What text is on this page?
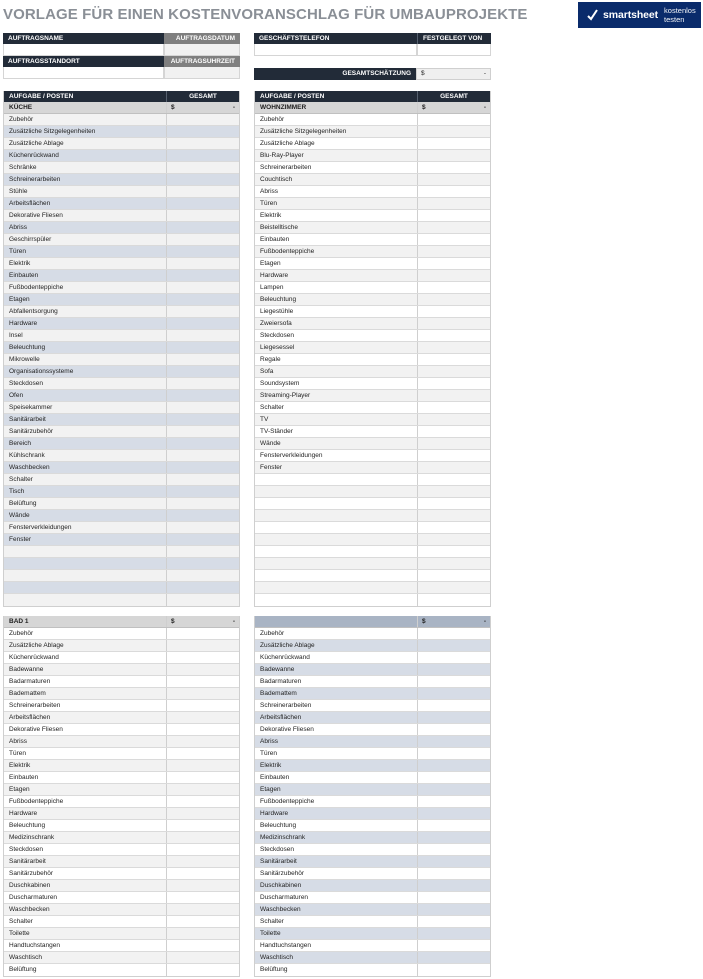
VORLAGE FÜR EINEN KOSTENVORANSCHLAG FÜR UMBAUPROJEKTE	smartsheet kostenlos testen
AUFTRAGSNAME	AUFTRAGSDATUM
AUFTRAGSSTANDORT	AUFTRAGSUHRZEIT
GESCHÄFTSTELEFON	FESTGELEGT VON
GESAMTSCHÄTZUNG	$	-
AUFGABE / POSTEN	GESAMT
KÜCHE	$	-
Zubehör
Zusätzliche Sitzgelegenheiten
Zusätzliche Ablage
Küchenrückwand
Schränke
Schreinerarbeiten
Stühle
Arbeitsflächen
Dekorative Fliesen
Abriss
Geschirrspüler
Türen
Elektrik
Einbauten
Fußbodenteppiche
Etagen
Abfallentsorgung
Hardware
Insel
Beleuchtung
Mikrowelle
Organisationssysteme
Steckdosen
Ofen
Speisekammer
Sanitärarbeit
Sanitärzubehör
Bereich
Kühlschrank
Waschbecken
Schalter
Tisch
Belüftung
Wände
Fensterverkleidungen
Fenster
AUFGABE / POSTEN	GESAMT
WOHNZIMMER	$	-
Zubehör
Zusätzliche Sitzgelegenheiten
Zusätzliche Ablage
Blu-Ray-Player
Schreinerarbeiten
Couchtisch
Abriss
Türen
Elektrik
Beistelltische
Einbauten
Fußbodenteppiche
Etagen
Hardware
Lampen
Beleuchtung
Liegestühle
Zweiersofa
Steckdosen
Liegesessel
Regale
Sofa
Soundsystem
Streaming-Player
Schalter
TV
TV-Ständer
Wände
Fensterverkleidungen
Fenster
BAD 1	$	-
Zubehör
Zusätzliche Ablage
Küchenrückwand
Badewanne
Badarmaturen
Bademattem
Schreinerarbeiten
Arbeitsflächen
Dekorative Fliesen
Abriss
Türen
Elektrik
Einbauten
Etagen
Fußbodenteppiche
Hardware
Beleuchtung
Medizinschrank
Steckdosen
Sanitärarbeit
Sanitärzubehör
Duschkabinen
Duscharmaturen
Waschbecken
Schalter
Toilette
Handtuchstangen
Waschtisch
Belüftung
$	-
Zubehör
Zusätzliche Ablage
Küchenrückwand
Badewanne
Badarmaturen
Bademattem
Schreinerarbeiten
Arbeitsflächen
Dekorative Fliesen
Abriss
Türen
Elektrik
Einbauten
Etagen
Fußbodenteppiche
Hardware
Beleuchtung
Medizinschrank
Steckdosen
Sanitärarbeit
Sanitärzubehör
Duschkabinen
Duscharmaturen
Waschbecken
Schalter
Toilette
Handtuchstangen
Waschtisch
Belüftung
